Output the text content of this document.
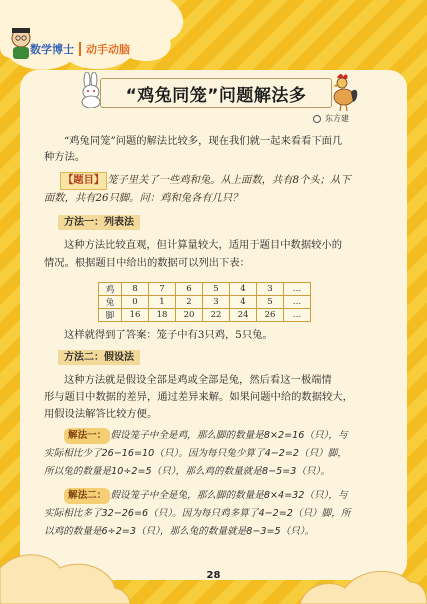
数学博士 动手动脑
“鸡兔同笼”问题解法多
东方建
“鸡兔同笼”问题的解法比较多，现在我们就一起来看看下面几
种方法。
【题目】 笼子里关了一些鸡和兔。从上面数，共有8个头；从下
面数，共有26只脚。问：鸡和兔各有几只？
方法一：列表法
这种方法比较直观，但计算量较大，适用于题目中数据较小的
情况。根据题目中给出的数据可以列出下表：
鸡	8	7	6	5	4	3	…
兔	0	1	2	3	4	5	…
脚	16	18	20	22	24	26	…
这样就得到了答案：笼子中有3只鸡，5只兔。
方法二：假设法
这种方法就是假设全部是鸡或全部是兔，然后看这一极端情
形与题目中数据的差异，通过差异来解。如果问题中给的数据较大，
用假设法解答比较方便。
解法一： 假设笼子中全是鸡，那么脚的数量是8×2=16（只），与
实际相比少了26−16=10（只）。因为每只兔少算了4−2=2（只）脚，
所以兔的数量是10÷2=5（只），那么鸡的数量就是8−5=3（只）。
解法二： 假设笼子中全是兔，那么脚的数量是8×4=32（只），与
实际相比多了32−26=6（只）。因为每只鸡多算了4−2=2（只）脚，所
以鸡的数量是6÷2=3（只），那么兔的数量就是8−3=5（只）。
28
